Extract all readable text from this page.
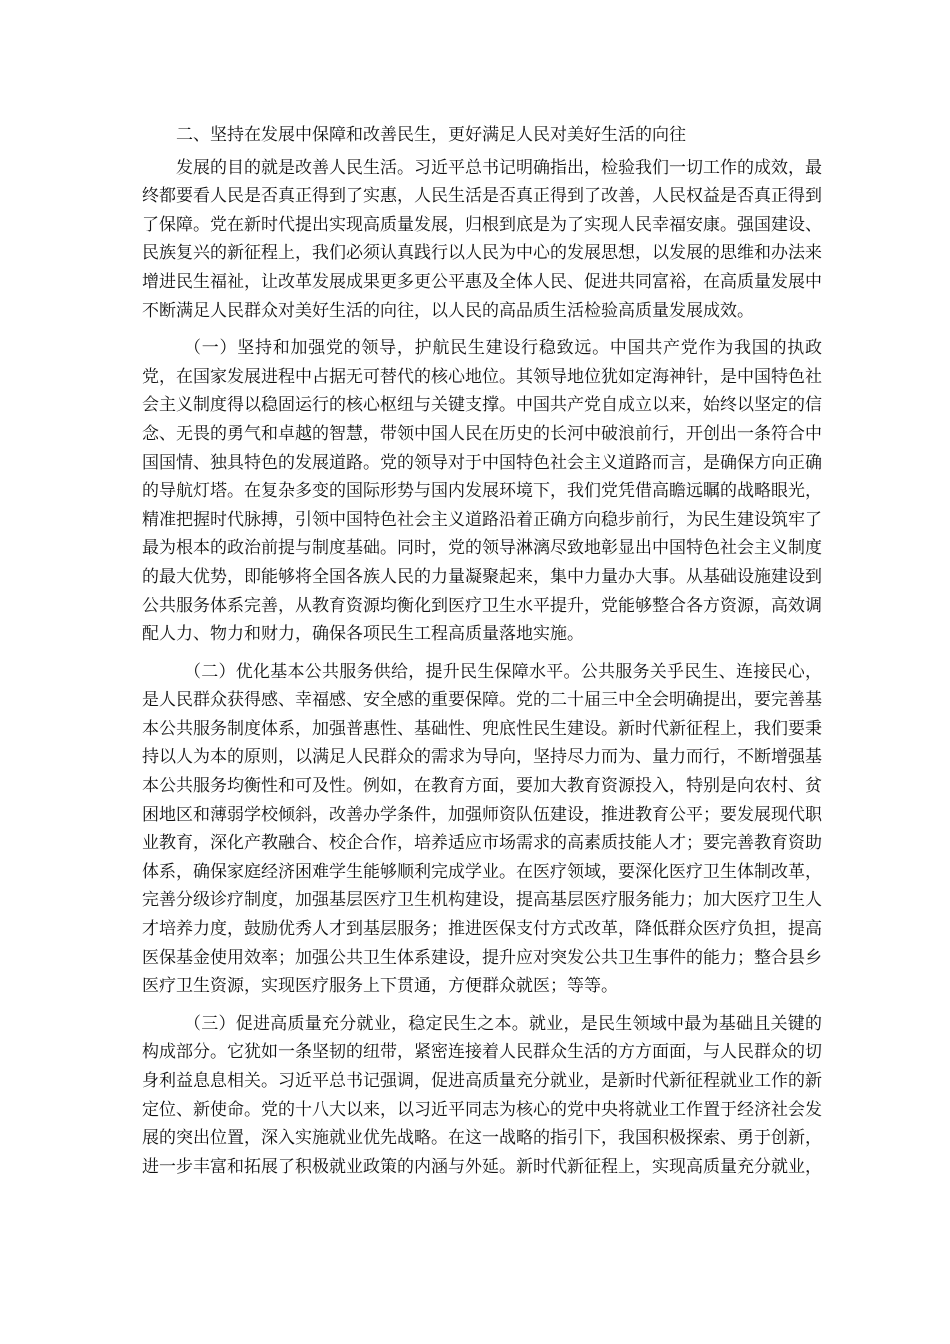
二、坚持在发展中保障和改善民生，更好满足人民对美好生活的向往

发展的目的就是改善人民生活。习近平总书记明确指出，检验我们一切工作的成效，最终都要看人民是否真正得到了实惠，人民生活是否真正得到了改善，人民权益是否真正得到了保障。党在新时代提出实现高质量发展，归根到底是为了实现人民幸福安康。强国建设、民族复兴的新征程上，我们必须认真践行以人民为中心的发展思想，以发展的思维和办法来增进民生福祉，让改革发展成果更多更公平惠及全体人民、促进共同富裕，在高质量发展中不断满足人民群众对美好生活的向往，以人民的高品质生活检验高质量发展成效。

（一）坚持和加强党的领导，护航民生建设行稳致远。中国共产党作为我国的执政党，在国家发展进程中占据无可替代的核心地位。其领导地位犹如定海神针，是中国特色社会主义制度得以稳固运行的核心枢纽与关键支撑。中国共产党自成立以来，始终以坚定的信念、无畏的勇气和卓越的智慧，带领中国人民在历史的长河中破浪前行，开创出一条符合中国国情、独具特色的发展道路。党的领导对于中国特色社会主义道路而言，是确保方向正确的导航灯塔。在复杂多变的国际形势与国内发展环境下，我们党凭借高瞻远瞩的战略眼光，精准把握时代脉搏，引领中国特色社会主义道路沿着正确方向稳步前行，为民生建设筑牢了最为根本的政治前提与制度基础。同时，党的领导淋漓尽致地彰显出中国特色社会主义制度的最大优势，即能够将全国各族人民的力量凝聚起来，集中力量办大事。从基础设施建设到公共服务体系完善，从教育资源均衡化到医疗卫生水平提升，党能够整合各方资源，高效调配人力、物力和财力，确保各项民生工程高质量落地实施。

（二）优化基本公共服务供给，提升民生保障水平。公共服务关乎民生、连接民心，是人民群众获得感、幸福感、安全感的重要保障。党的二十届三中全会明确提出，要完善基本公共服务制度体系，加强普惠性、基础性、兜底性民生建设。新时代新征程上，我们要秉持以人为本的原则，以满足人民群众的需求为导向，坚持尽力而为、量力而行，不断增强基本公共服务均衡性和可及性。例如，在教育方面，要加大教育资源投入，特别是向农村、贫困地区和薄弱学校倾斜，改善办学条件，加强师资队伍建设，推进教育公平；要发展现代职业教育，深化产教融合、校企合作，培养适应市场需求的高素质技能人才；要完善教育资助体系，确保家庭经济困难学生能够顺利完成学业。在医疗领域，要深化医疗卫生体制改革，完善分级诊疗制度，加强基层医疗卫生机构建设，提高基层医疗服务能力；加大医疗卫生人才培养力度，鼓励优秀人才到基层服务；推进医保支付方式改革，降低群众医疗负担，提高医保基金使用效率；加强公共卫生体系建设，提升应对突发公共卫生事件的能力；整合县乡医疗卫生资源，实现医疗服务上下贯通，方便群众就医；等等。

（三）促进高质量充分就业，稳定民生之本。就业，是民生领域中最为基础且关键的构成部分。它犹如一条坚韧的纽带，紧密连接着人民群众生活的方方面面，与人民群众的切身利益息息相关。习近平总书记强调，促进高质量充分就业，是新时代新征程就业工作的新定位、新使命。党的十八大以来，以习近平同志为核心的党中央将就业工作置于经济社会发展的突出位置，深入实施就业优先战略。在这一战略的指引下，我国积极探索、勇于创新，进一步丰富和拓展了积极就业政策的内涵与外延。新时代新征程上，实现高质量充分就业，
